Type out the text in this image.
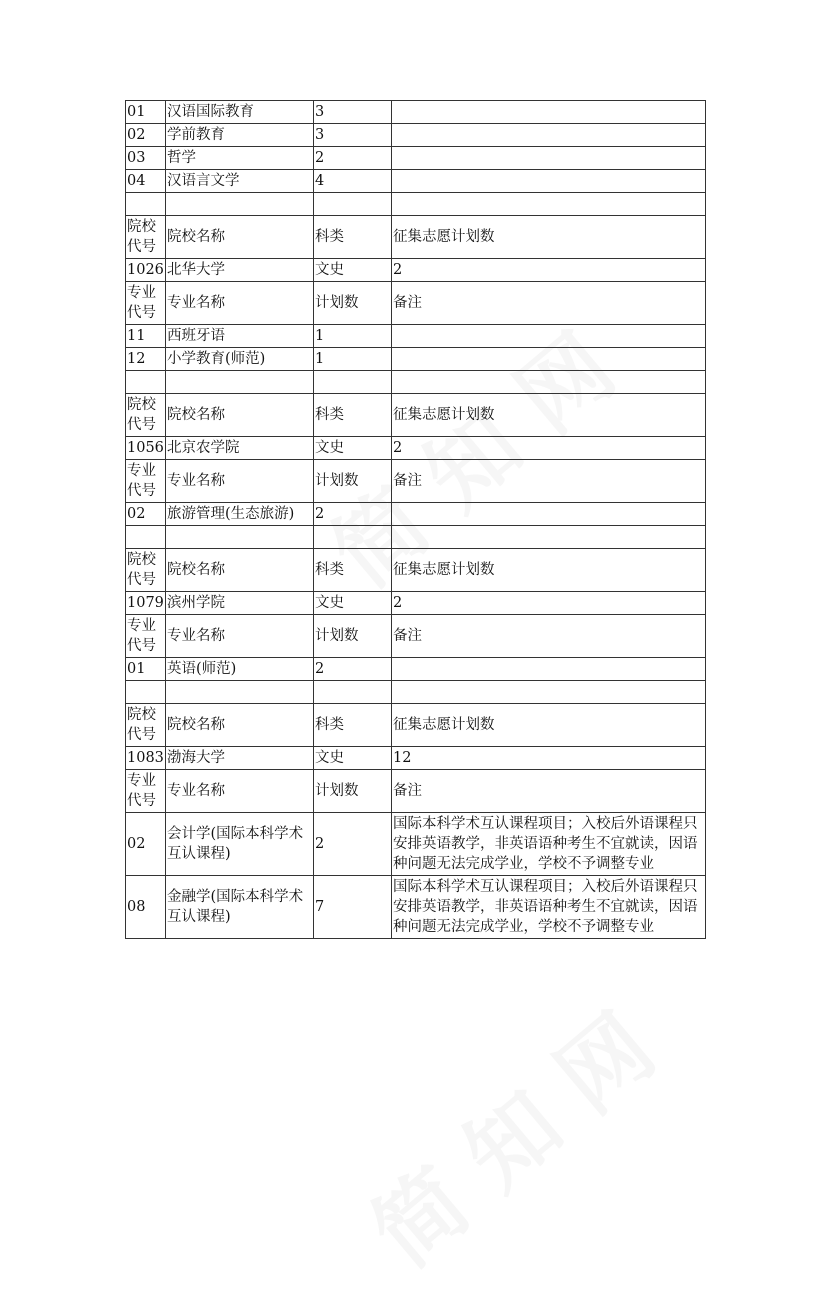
01	汉语国际教育	3	
02	学前教育	3	
03	哲学	2	
04	汉语言文学	4	

院校代号	院校名称	科类	征集志愿计划数
1026	北华大学	文史	2
专业代号	专业名称	计划数	备注
11	西班牙语	1	
12	小学教育(师范)	1	

院校代号	院校名称	科类	征集志愿计划数
1056	北京农学院	文史	2
专业代号	专业名称	计划数	备注
02	旅游管理(生态旅游)	2	

院校代号	院校名称	科类	征集志愿计划数
1079	滨州学院	文史	2
专业代号	专业名称	计划数	备注
01	英语(师范)	2	

院校代号	院校名称	科类	征集志愿计划数
1083	渤海大学	文史	12
专业代号	专业名称	计划数	备注
02	会计学(国际本科学术互认课程)	2	国际本科学术互认课程项目；入校后外语课程只安排英语教学，非英语语种考生不宜就读，因语种问题无法完成学业，学校不予调整专业
08	金融学(国际本科学术互认课程)	7	国际本科学术互认课程项目；入校后外语课程只安排英语教学，非英语语种考生不宜就读，因语种问题无法完成学业，学校不予调整专业
